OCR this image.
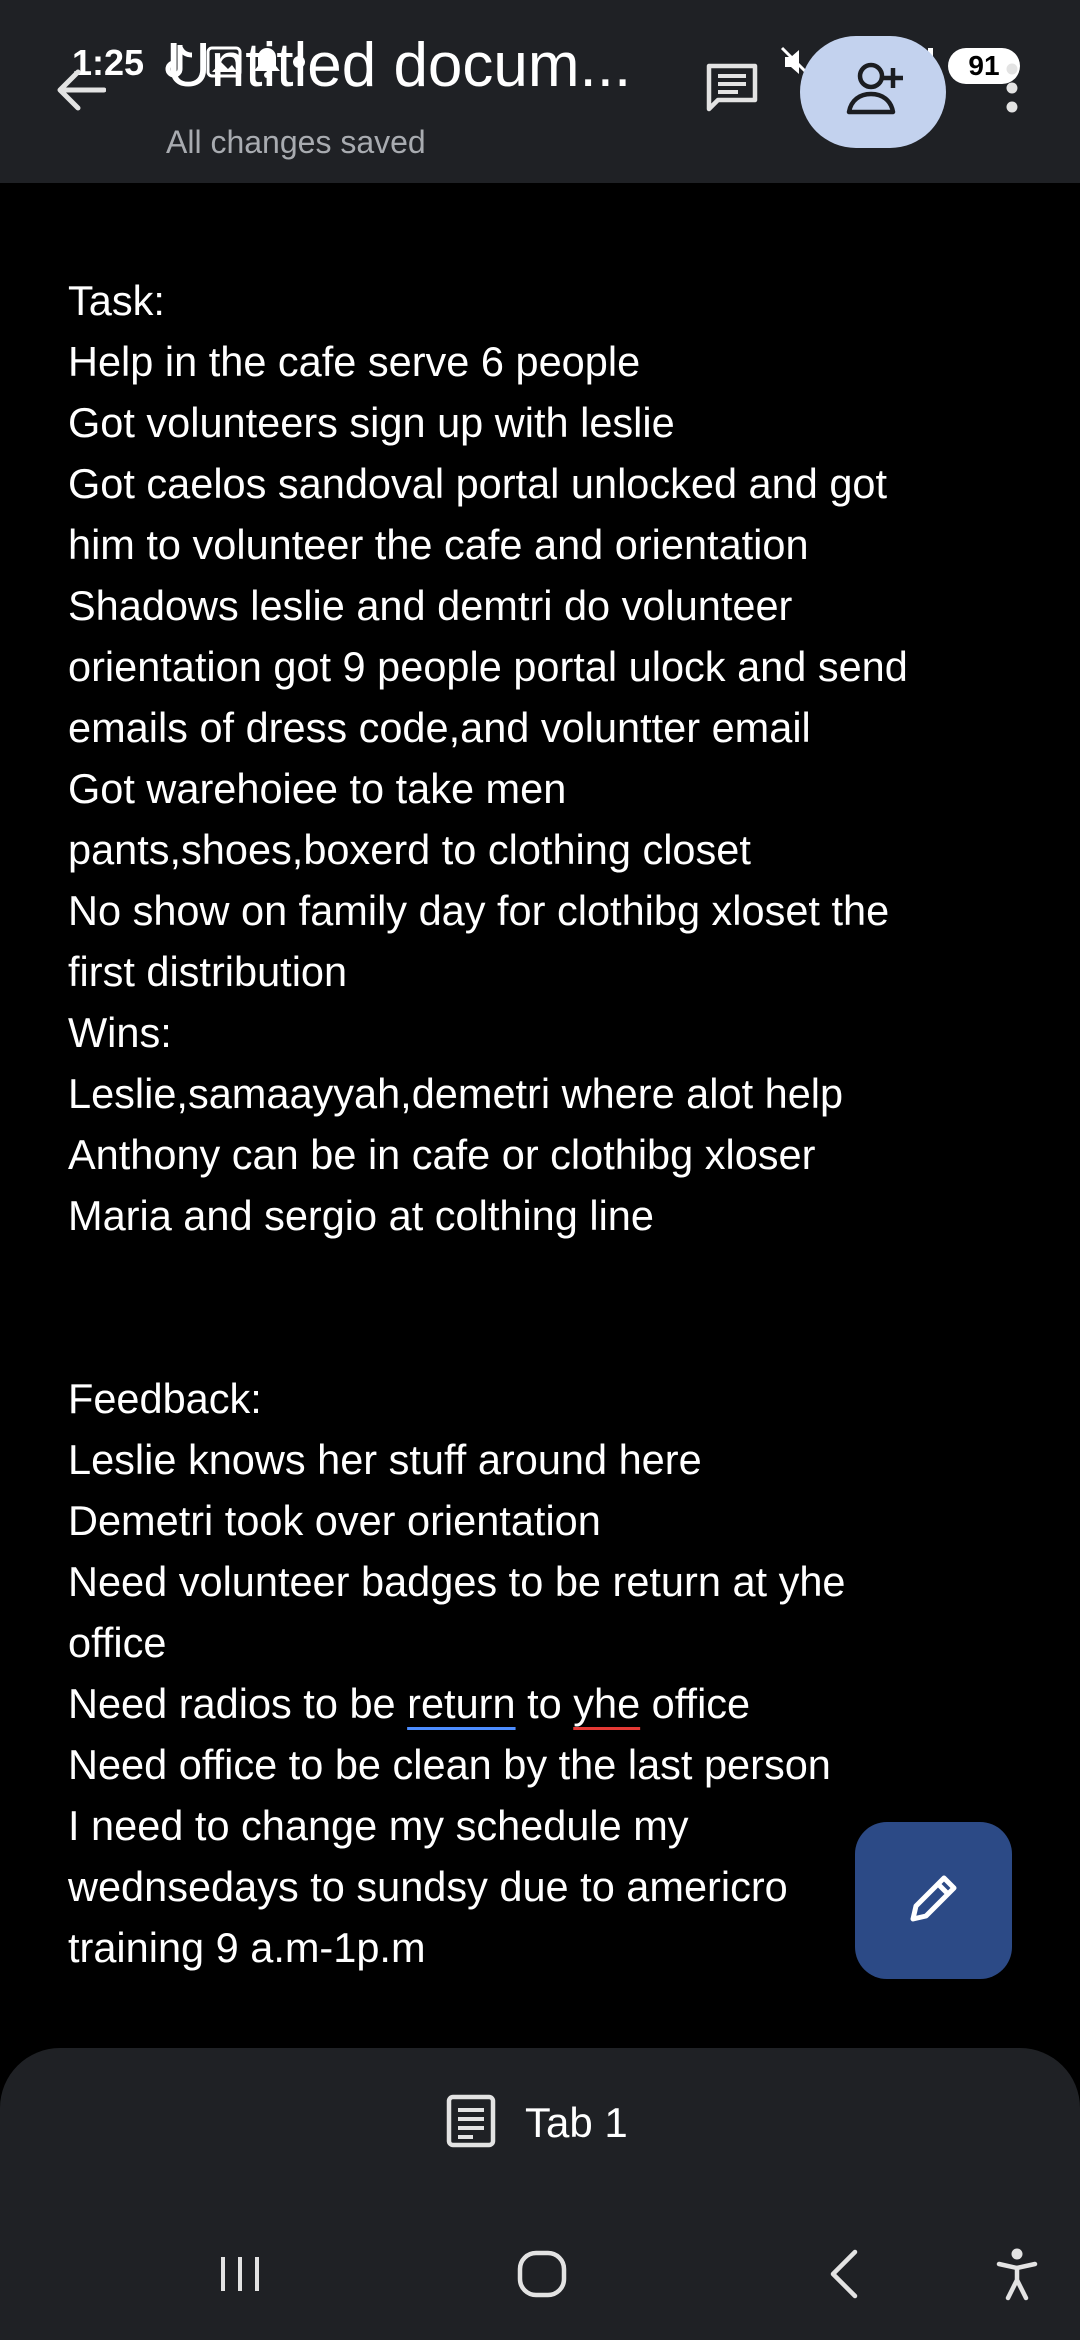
1:25	91
Untitled docum...
All changes saved
Task:
Help in the cafe serve 6 people
Got volunteers sign up with leslie
Got caelos sandoval portal unlocked and got
him to volunteer the cafe and orientation
Shadows leslie and demtri do volunteer
orientation got 9 people portal ulock and send
emails of dress code,and voluntter email
Got warehoiee to take men
pants,shoes,boxerd to clothing closet
No show on family day for clothibg xloset the
first distribution
Wins:
Leslie,samaayyah,demetri where alot help
Anthony can be in cafe or clothibg xloser
Maria and sergio at colthing line
Feedback:
Leslie knows her stuff around here
Demetri took over orientation
Need volunteer badges to be return at yhe
office
Need radios to be return to yhe office
Need office to be clean by the last person
I need to change my schedule my
wednsedays to sundsy due to americro
training 9 a.m-1p.m
Tab 1
